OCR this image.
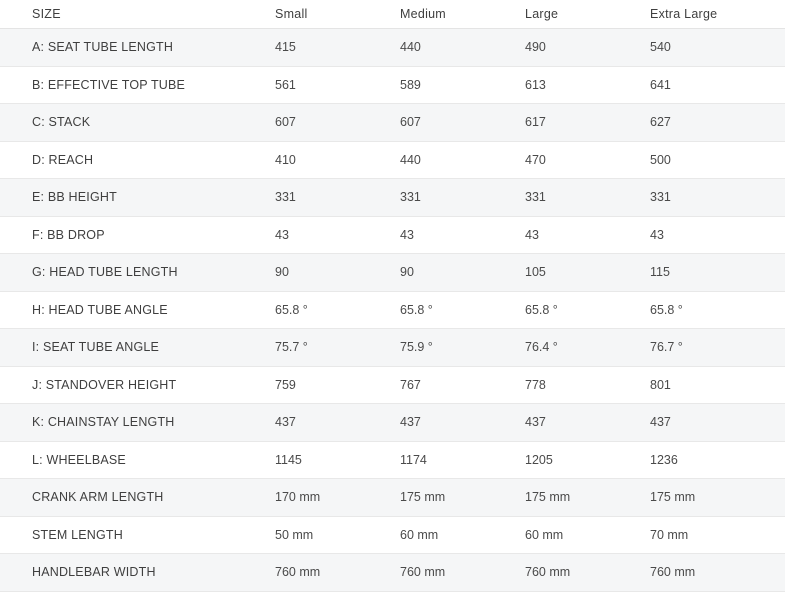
SIZE	Small	Medium	Large	Extra Large
A: SEAT TUBE LENGTH	415	440	490	540
B: EFFECTIVE TOP TUBE	561	589	613	641
C: STACK	607	607	617	627
D: REACH	410	440	470	500
E: BB HEIGHT	331	331	331	331
F: BB DROP	43	43	43	43
G: HEAD TUBE LENGTH	90	90	105	115
H: HEAD TUBE ANGLE	65.8 °	65.8 °	65.8 °	65.8 °
I: SEAT TUBE ANGLE	75.7 °	75.9 °	76.4 °	76.7 °
J: STANDOVER HEIGHT	759	767	778	801
K: CHAINSTAY LENGTH	437	437	437	437
L: WHEELBASE	1145	1174	1205	1236
CRANK ARM LENGTH	170 mm	175 mm	175 mm	175 mm
STEM LENGTH	50 mm	60 mm	60 mm	70 mm
HANDLEBAR WIDTH	760 mm	760 mm	760 mm	760 mm
